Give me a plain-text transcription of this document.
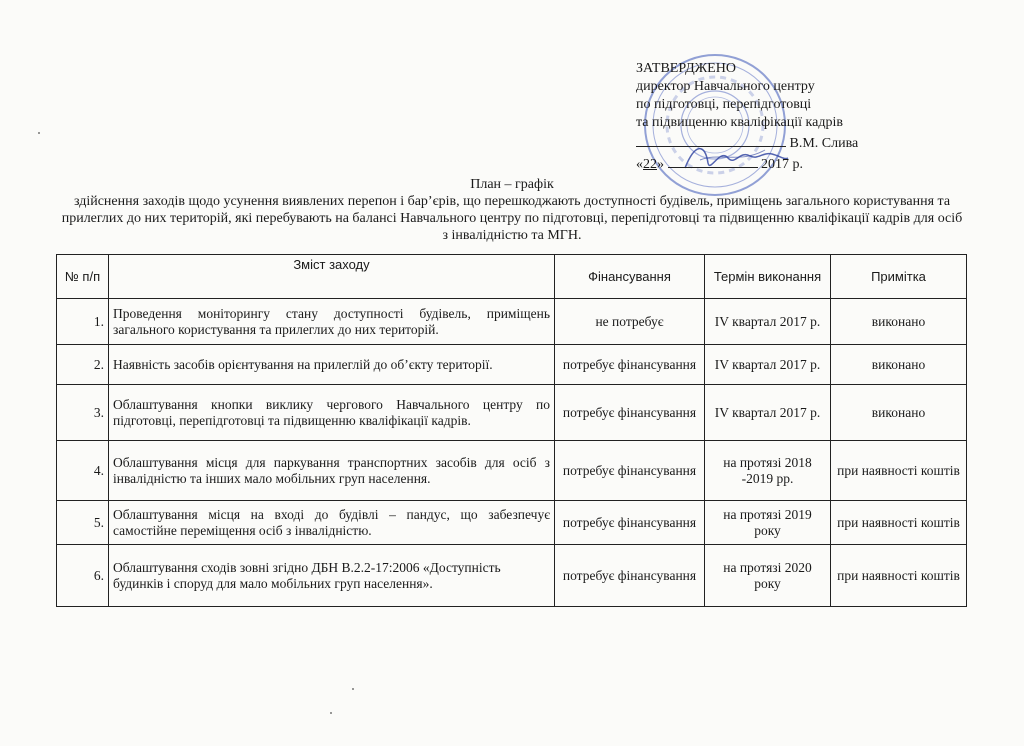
ЗАТВЕРДЖЕНО
директор Навчального центру
по підготовці, перепідготовці
та підвищенню кваліфікації кадрів
В.М. Слива
«22»	2017 р.
План – графік
здійснення заходів щодо усунення виявлених перепон і бар’єрів, що перешкоджають доступності будівель, приміщень загального користування та прилеглих до них територій, які перебувають на балансі Навчального центру по підготовці, перепідготовці та підвищенню кваліфікації кадрів для осіб з інвалідністю та МГН.
№ п/п	Зміст заходу	Фінансування	Термін виконання	Примітка
1.	Проведення моніторингу стану доступності будівель, приміщень загального користування та прилеглих до них територій.	не потребує	IV квартал 2017 р.	виконано
2.	Наявність засобів орієнтування на прилеглій до об’єкту території.	потребує фінансування	IV квартал 2017 р.	виконано
3.	Облаштування кнопки виклику чергового Навчального центру по підготовці, перепідготовці та підвищенню кваліфікації кадрів.	потребує фінансування	IV квартал 2017 р.	виконано
4.	Облаштування місця для паркування транспортних засобів для осіб з інвалідністю та інших мало мобільних груп населення.	потребує фінансування	на протязі 2018 -2019 рр.	при наявності коштів
5.	Облаштування місця на вході до будівлі – пандус, що забезпечує самостійне переміщення осіб з інвалідністю.	потребує фінансування	на протязі 2019 року	при наявності коштів
6.	Облаштування сходів зовні згідно ДБН В.2.2-17:2006 «Доступність будинків і споруд для мало мобільних груп населення».	потребує фінансування	на протязі 2020 року	при наявності коштів
